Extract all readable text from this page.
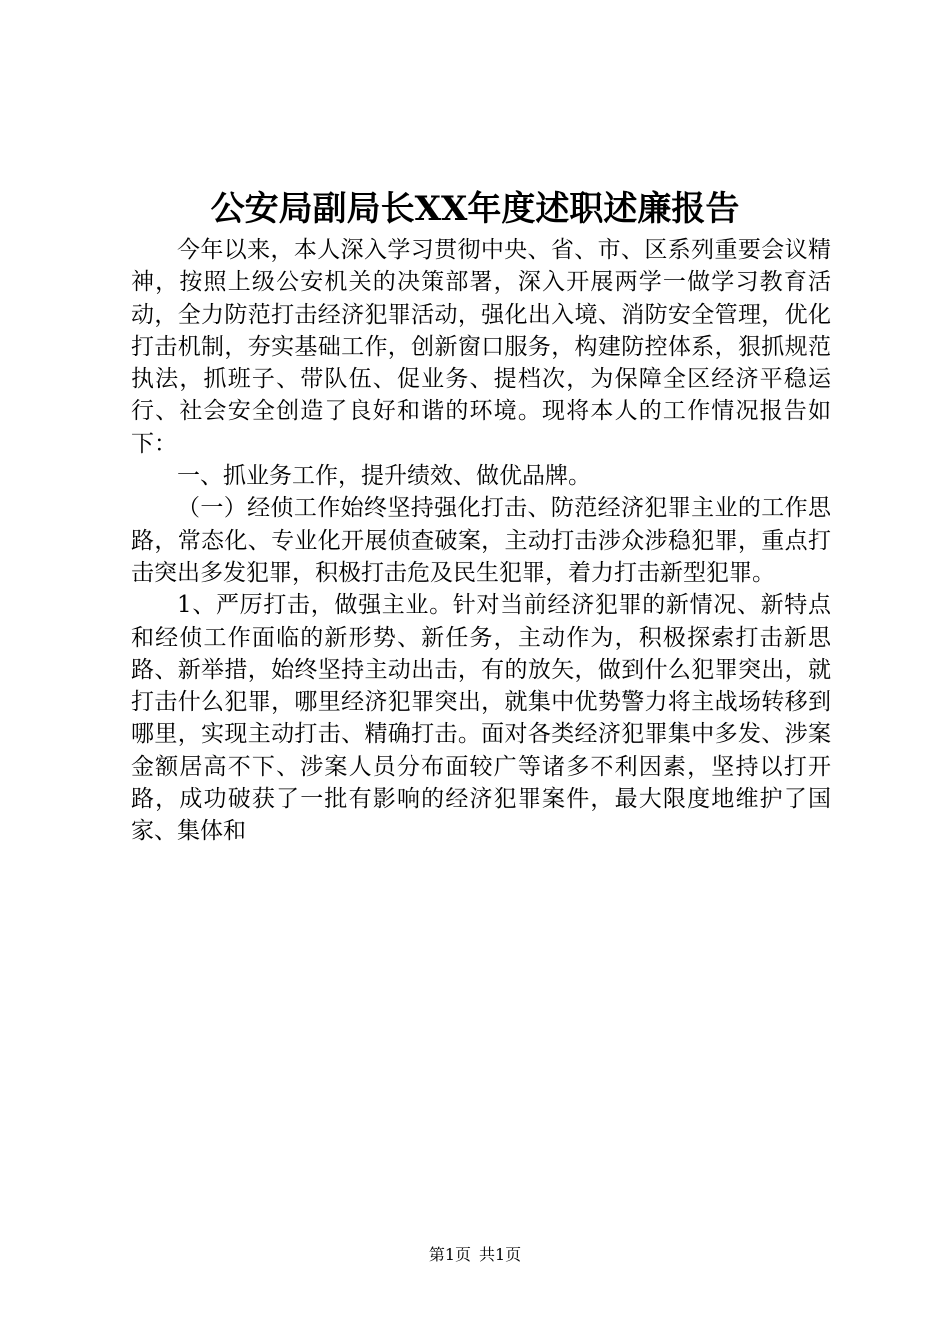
公安局副局长XX年度述职述廉报告

今年以来，本人深入学习贯彻中央、省、市、区系列重要会议精神，按照上级公安机关的决策部署，深入开展两学一做学习教育活动，全力防范打击经济犯罪活动，强化出入境、消防安全管理，优化打击机制，夯实基础工作，创新窗口服务，构建防控体系，狠抓规范执法，抓班子、带队伍、促业务、提档次，为保障全区经济平稳运行、社会安全创造了良好和谐的环境。现将本人的工作情况报告如下：

一、抓业务工作，提升绩效、做优品牌。

（一）经侦工作始终坚持强化打击、防范经济犯罪主业的工作思路，常态化、专业化开展侦查破案，主动打击涉众涉稳犯罪，重点打击突出多发犯罪，积极打击危及民生犯罪，着力打击新型犯罪。

1、严厉打击，做强主业。针对当前经济犯罪的新情况、新特点和经侦工作面临的新形势、新任务，主动作为，积极探索打击新思路、新举措，始终坚持主动出击，有的放矢，做到什么犯罪突出，就打击什么犯罪，哪里经济犯罪突出，就集中优势警力将主战场转移到哪里，实现主动打击、精确打击。面对各类经济犯罪集中多发、涉案金额居高不下、涉案人员分布面较广等诸多不利因素，坚持以打开路，成功破获了一批有影响的经济犯罪案件，最大限度地维护了国家、集体和

第1页 共1页
